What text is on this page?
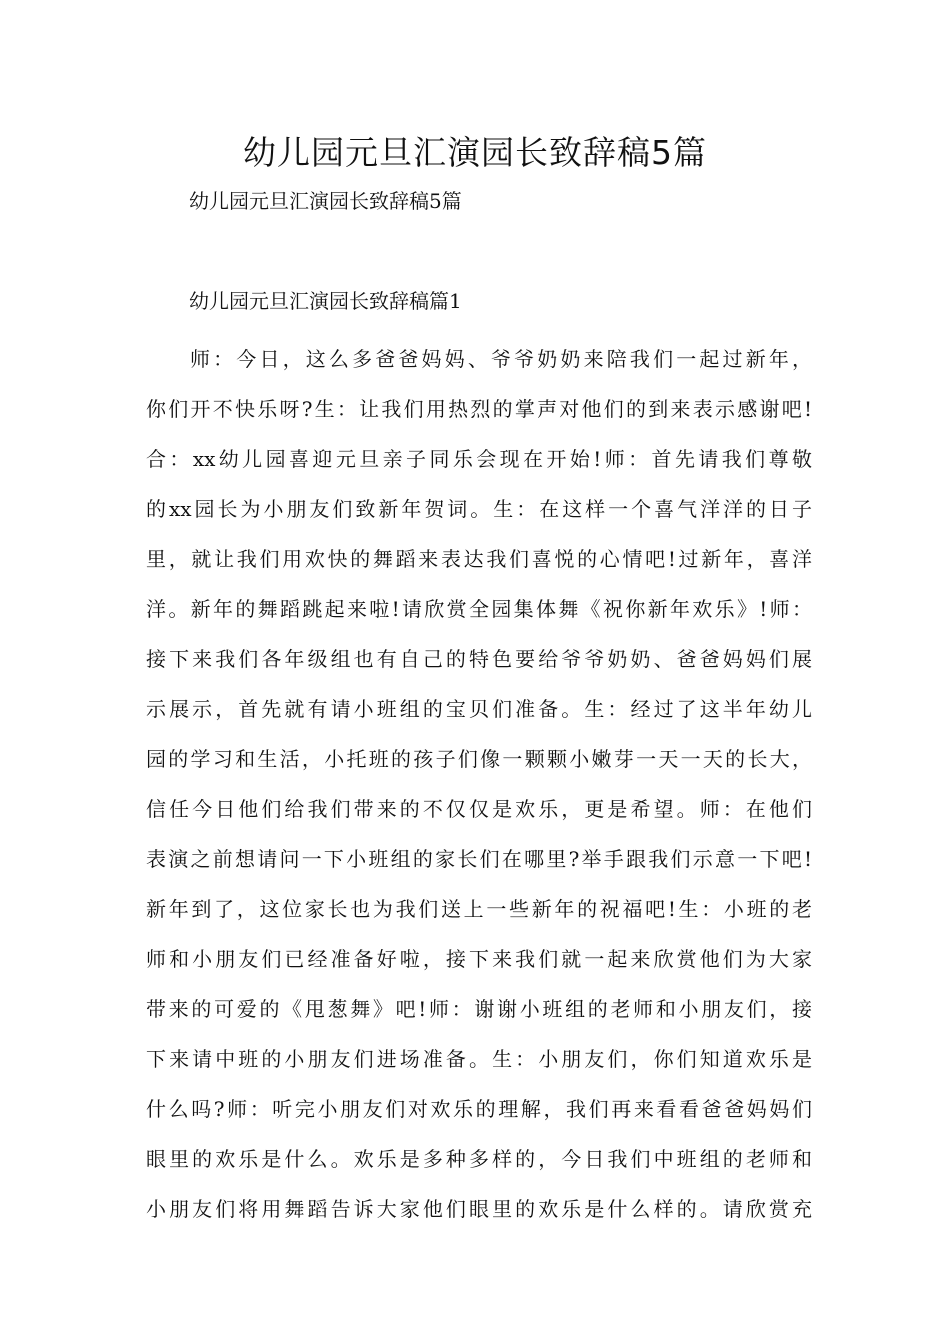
幼儿园元旦汇演园长致辞稿5篇

幼儿园元旦汇演园长致辞稿5篇

幼儿园元旦汇演园长致辞稿篇1

师：今日，这么多爸爸妈妈、爷爷奶奶来陪我们一起过新年，
你们开不快乐呀?生：让我们用热烈的掌声对他们的到来表示感谢吧!
合：xx幼儿园喜迎元旦亲子同乐会现在开始!师：首先请我们尊敬
的xx园长为小朋友们致新年贺词。生：在这样一个喜气洋洋的日子
里，就让我们用欢快的舞蹈来表达我们喜悦的心情吧!过新年，喜洋
洋。新年的舞蹈跳起来啦!请欣赏全园集体舞《祝你新年欢乐》!师：
接下来我们各年级组也有自己的特色要给爷爷奶奶、爸爸妈妈们展
示展示，首先就有请小班组的宝贝们准备。生：经过了这半年幼儿
园的学习和生活，小托班的孩子们像一颗颗小嫩芽一天一天的长大，
信任今日他们给我们带来的不仅仅是欢乐，更是希望。师：在他们
表演之前想请问一下小班组的家长们在哪里?举手跟我们示意一下吧!
新年到了，这位家长也为我们送上一些新年的祝福吧!生：小班的老
师和小朋友们已经准备好啦，接下来我们就一起来欣赏他们为大家
带来的可爱的《甩葱舞》吧!师：谢谢小班组的老师和小朋友们，接
下来请中班的小朋友们进场准备。生：小朋友们，你们知道欢乐是
什么吗?师：听完小朋友们对欢乐的理解，我们再来看看爸爸妈妈们
眼里的欢乐是什么。欢乐是多种多样的，今日我们中班组的老师和
小朋友们将用舞蹈告诉大家他们眼里的欢乐是什么样的。请欣赏充
